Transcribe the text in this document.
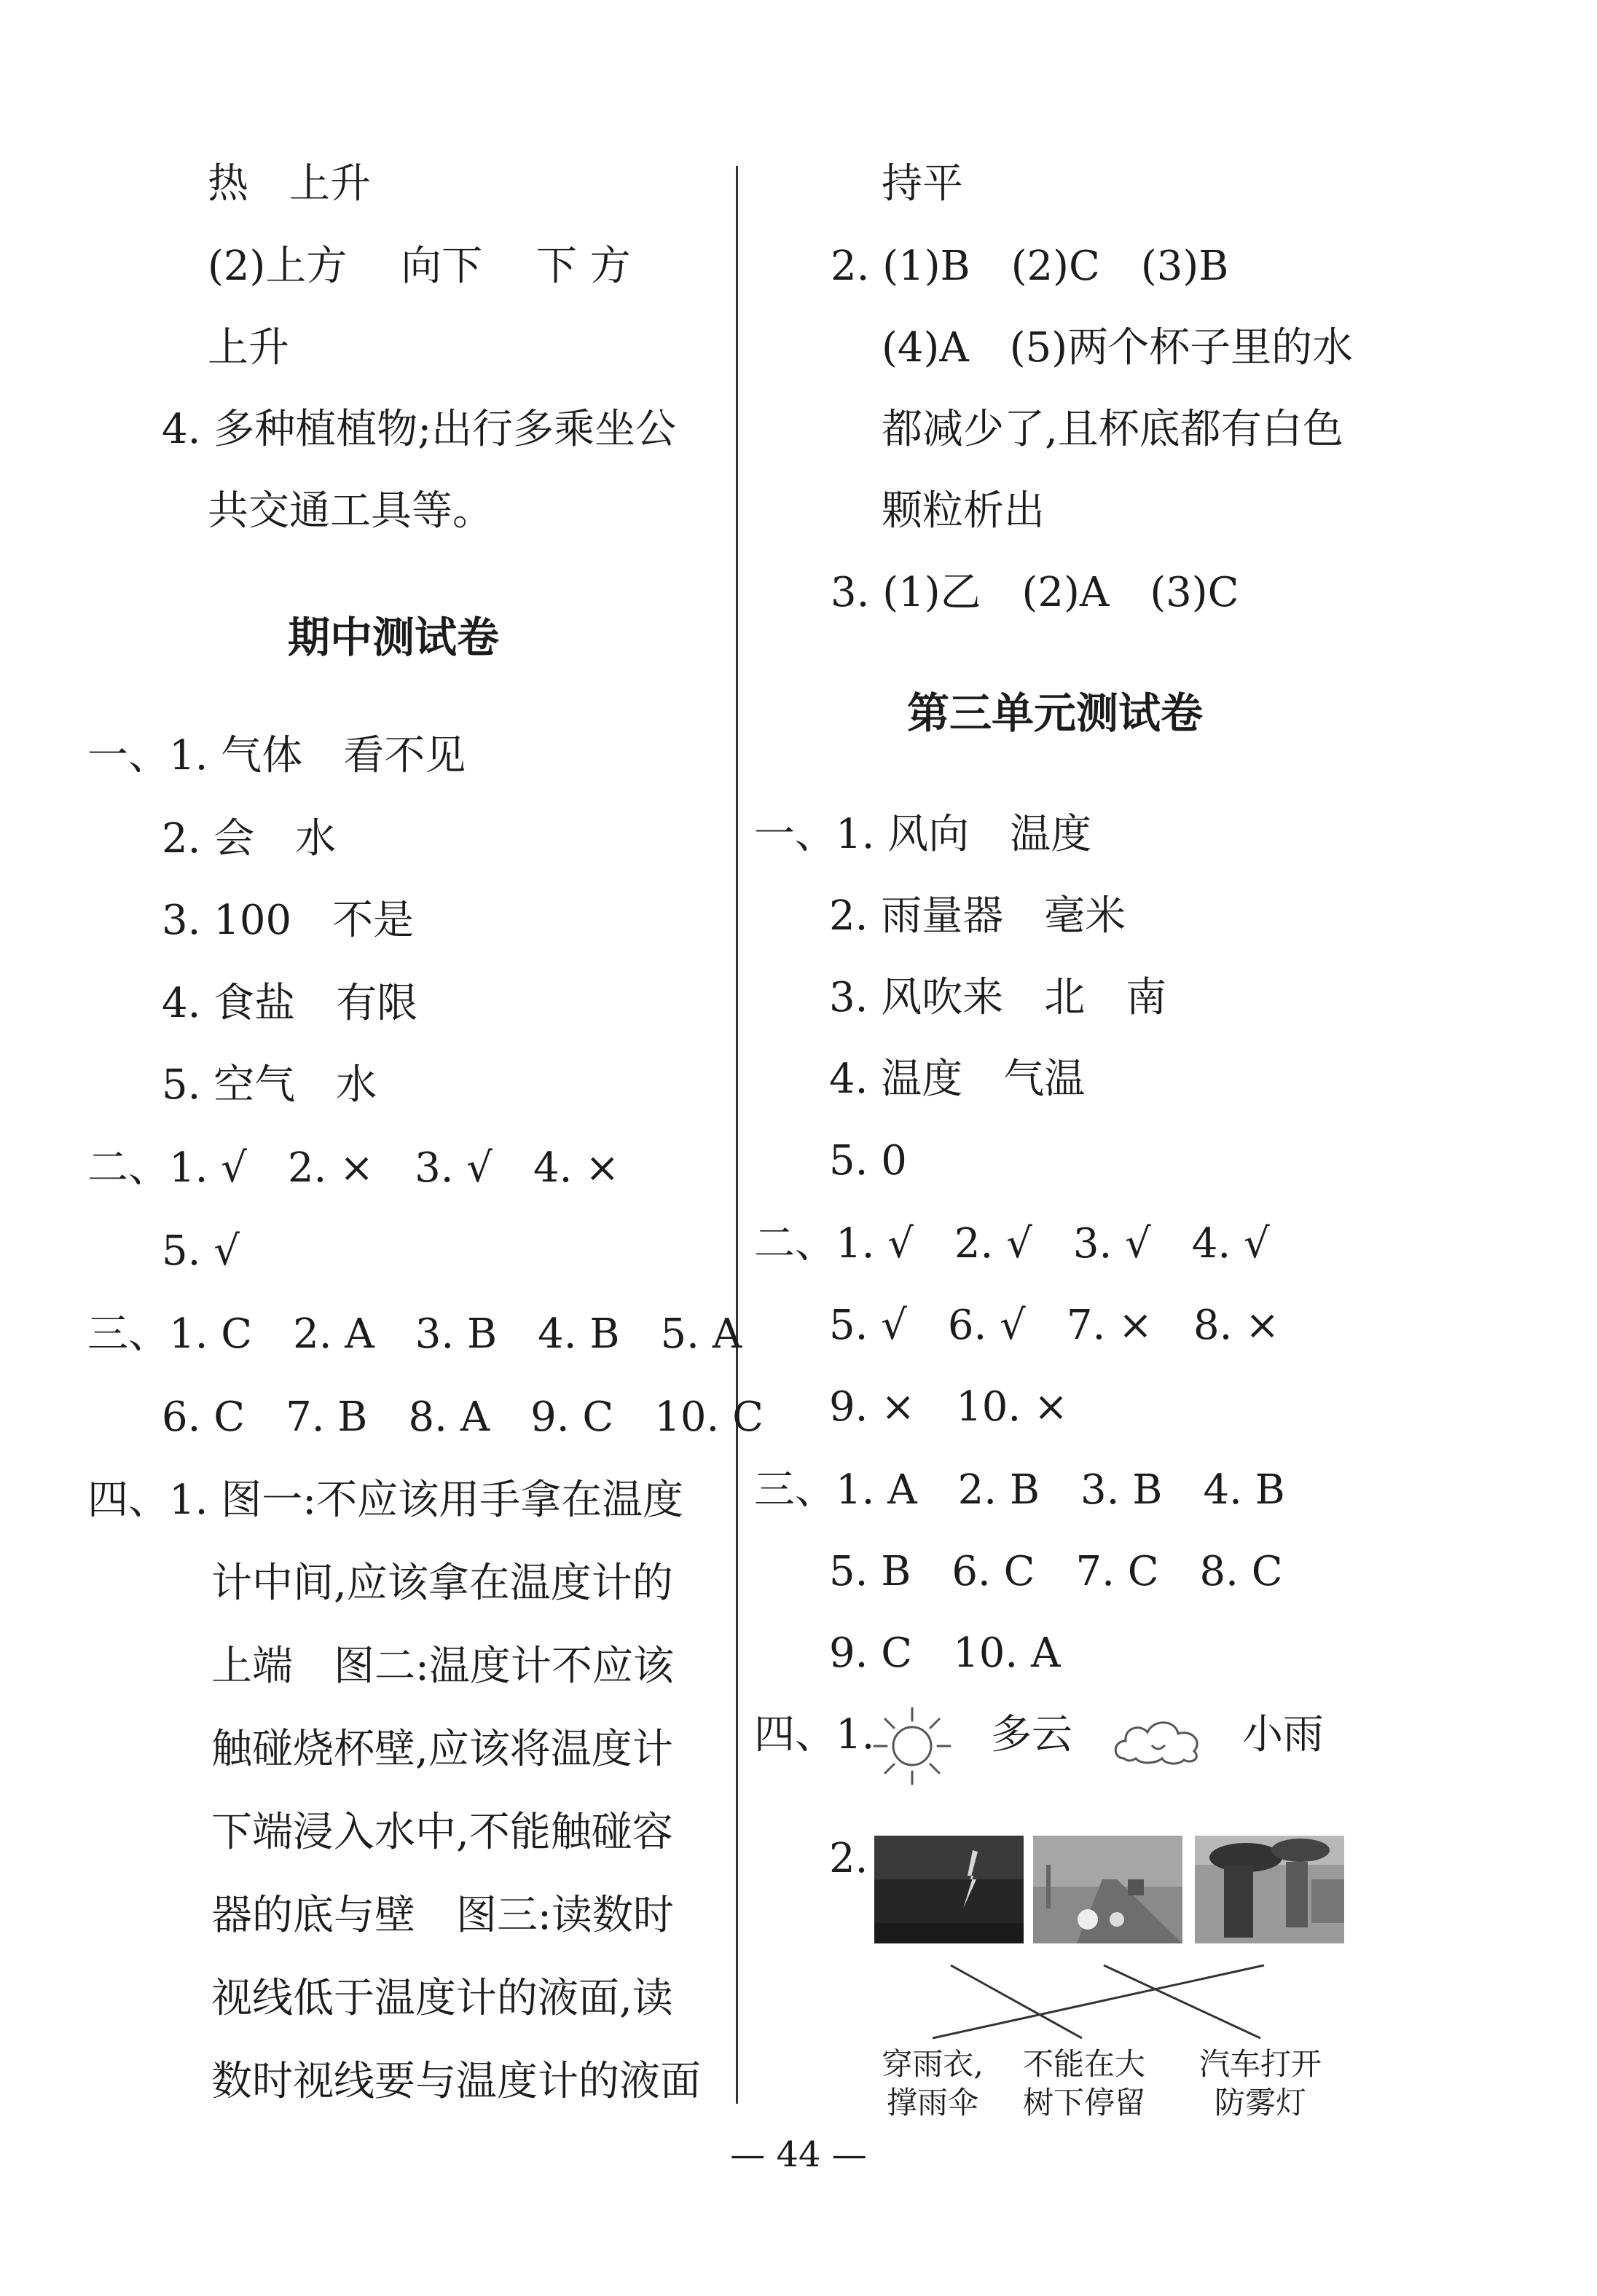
热　上升
(2)上方　 向下　 下 方
上升
4. 多种植植物;出行多乘坐公
共交通工具等。
期中测试卷
一、1. 气体　看不见
2. 会　水
3. 100　不是
4. 食盐　有限
5. 空气　水
二、1. √　2. ×　3. √　4. ×
5. √
三、1. C　2. A　3. B　4. B　5. A
6. C　7. B　8. A　9. C　10. C
四、1. 图一:不应该用手拿在温度
计中间,应该拿在温度计的
上端　图二:温度计不应该
触碰烧杯壁,应该将温度计
下端浸入水中,不能触碰容
器的底与壁　图三:读数时
视线低于温度计的液面,读
数时视线要与温度计的液面
持平
2. (1)B　(2)C　(3)B
(4)A　(5)两个杯子里的水
都减少了,且杯底都有白色
颗粒析出
3. (1)乙　(2)A　(3)C
第三单元测试卷
一、1. 风向　温度
2. 雨量器　毫米
3. 风吹来　北　南
4. 温度　气温
5. 0
二、1. √　2. √　3. √　4. √
5. √　6. √　7. ×　8. ×
9. ×　10. ×
三、1. A　2. B　3. B　4. B
5. B　6. C　7. C　8. C
9. C　10. A
四、1.	多云	小雨
2.
穿雨衣,
撑雨伞
不能在大
树下停留
汽车打开
防雾灯
— 44 —
